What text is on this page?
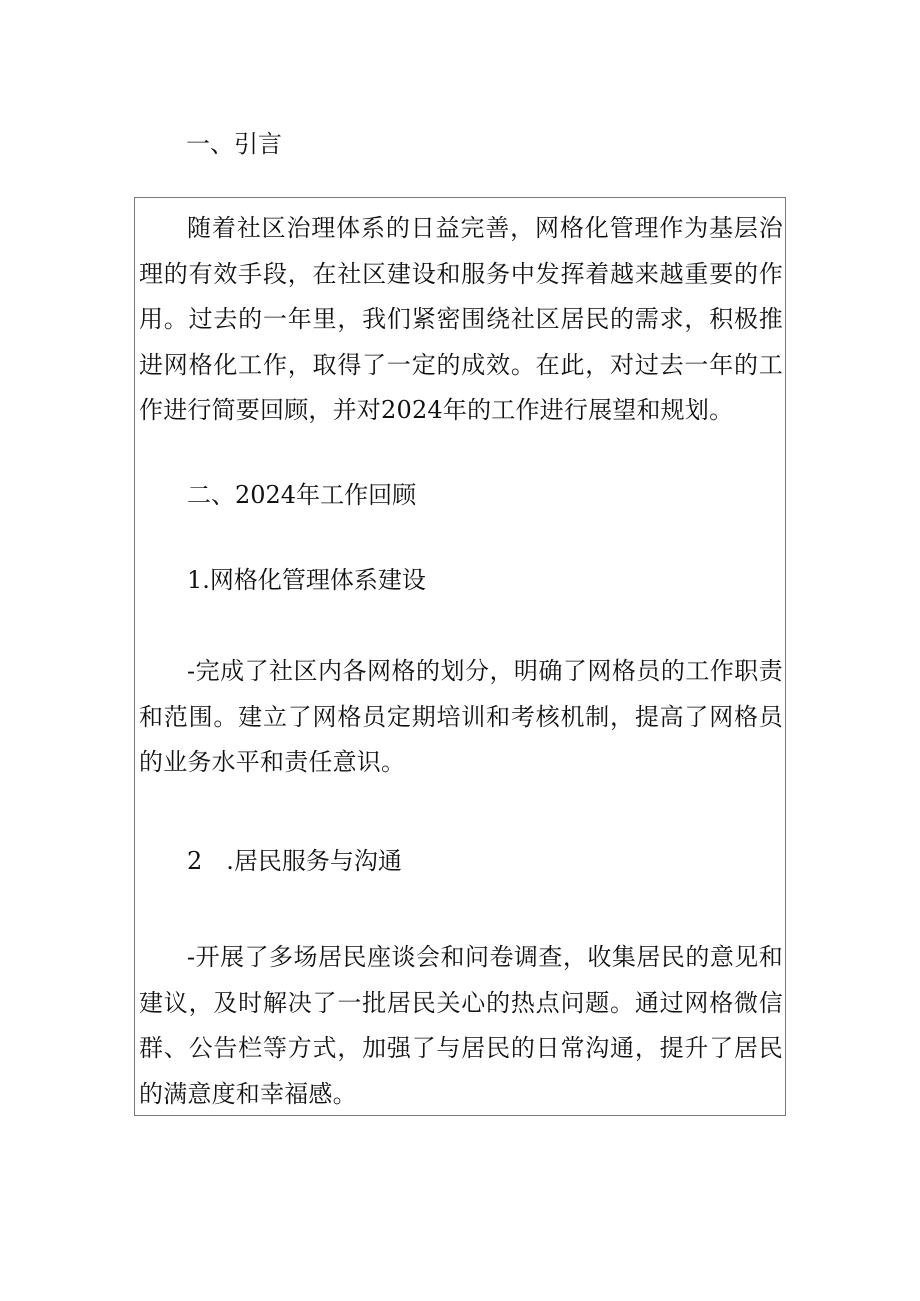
一、引言

随着社区治理体系的日益完善，网格化管理作为基层治理的有效手段，在社区建设和服务中发挥着越来越重要的作用。过去的一年里，我们紧密围绕社区居民的需求，积极推进网格化工作，取得了一定的成效。在此，对过去一年的工作进行简要回顾，并对2024年的工作进行展望和规划。

二、2024年工作回顾
1.网格化管理体系建设

-完成了社区内各网格的划分，明确了网格员的工作职责和范围。建立了网格员定期培训和考核机制，提高了网格员的业务水平和责任意识。

2　.居民服务与沟通

-开展了多场居民座谈会和问卷调查，收集居民的意见和建议，及时解决了一批居民关心的热点问题。通过网格微信群、公告栏等方式，加强了与居民的日常沟通，提升了居民的满意度和幸福感。
